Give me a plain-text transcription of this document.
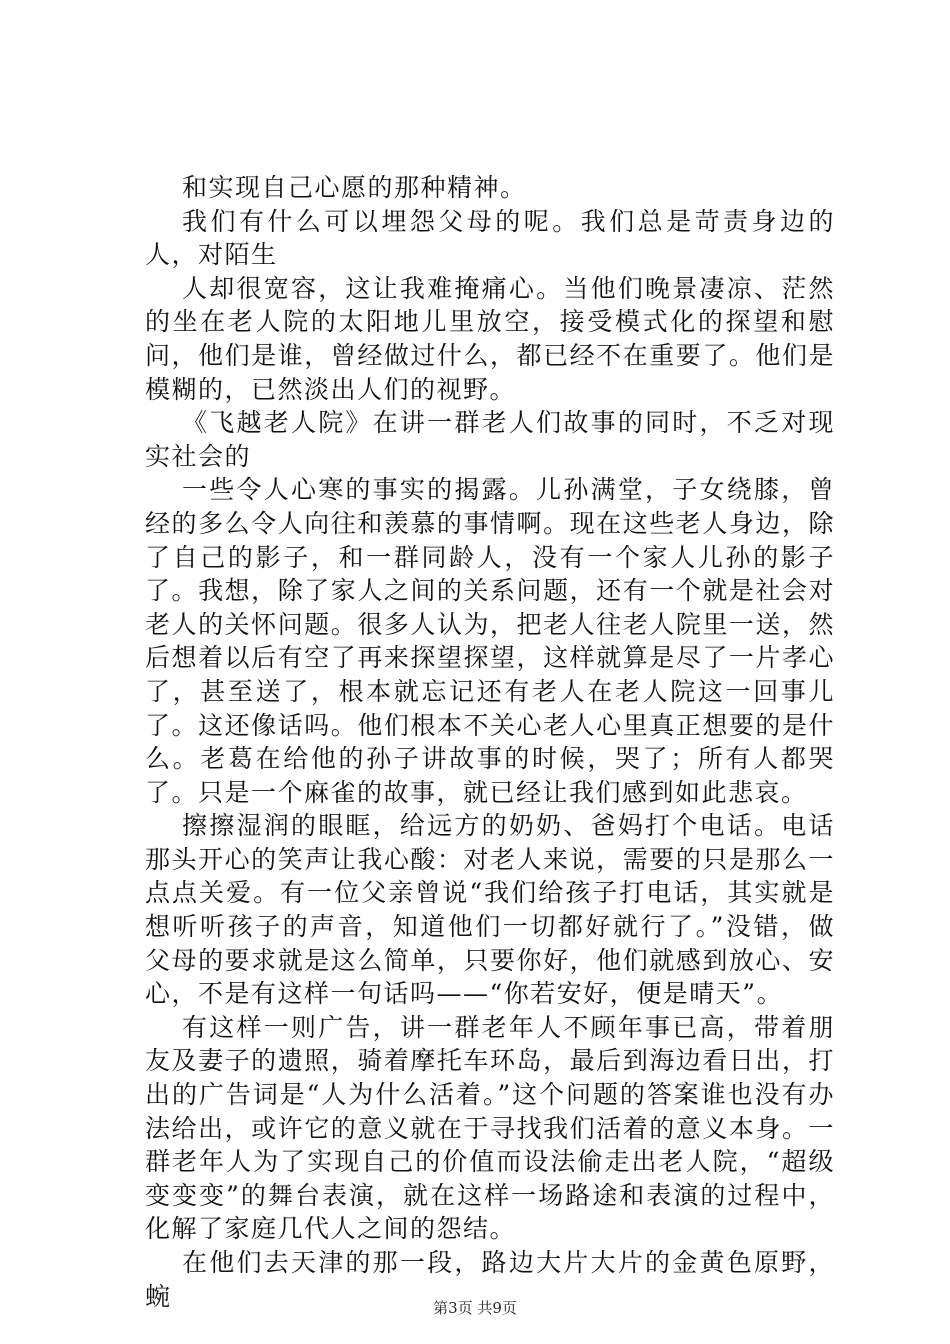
和实现自己心愿的那种精神。

我们有什么可以埋怨父母的呢。我们总是苛责身边的人，对陌生

人却很宽容，这让我难掩痛心。当他们晚景凄凉、茫然的坐在老人院的太阳地儿里放空，接受模式化的探望和慰问，他们是谁，曾经做过什么，都已经不在重要了。他们是模糊的，已然淡出人们的视野。

《飞越老人院》在讲一群老人们故事的同时，不乏对现实社会的

一些令人心寒的事实的揭露。儿孙满堂，子女绕膝，曾经的多么令人向往和羡慕的事情啊。现在这些老人身边，除了自己的影子，和一群同龄人，没有一个家人儿孙的影子了。我想，除了家人之间的关系问题，还有一个就是社会对老人的关怀问题。很多人认为，把老人往老人院里一送，然后想着以后有空了再来探望探望，这样就算是尽了一片孝心了，甚至送了，根本就忘记还有老人在老人院这一回事儿了。这还像话吗。他们根本不关心老人心里真正想要的是什么。老葛在给他的孙子讲故事的时候，哭了；所有人都哭了。只是一个麻雀的故事，就已经让我们感到如此悲哀。

擦擦湿润的眼眶，给远方的奶奶、爸妈打个电话。电话那头开心的笑声让我心酸：对老人来说，需要的只是那么一点点关爱。有一位父亲曾说“我们给孩子打电话，其实就是想听听孩子的声音，知道他们一切都好就行了。”没错，做父母的要求就是这么简单，只要你好，他们就感到放心、安心，不是有这样一句话吗——“你若安好，便是晴天”。

有这样一则广告，讲一群老年人不顾年事已高，带着朋友及妻子的遗照，骑着摩托车环岛，最后到海边看日出，打出的广告词是“人为什么活着。”这个问题的答案谁也没有办法给出，或许它的意义就在于寻找我们活着的意义本身。一群老年人为了实现自己的价值而设法偷走出老人院，“超级变变变”的舞台表演，就在这样一场路途和表演的过程中，化解了家庭几代人之间的怨结。

在他们去天津的那一段，路边大片大片的金黄色原野，蜿	第3页 共9页
